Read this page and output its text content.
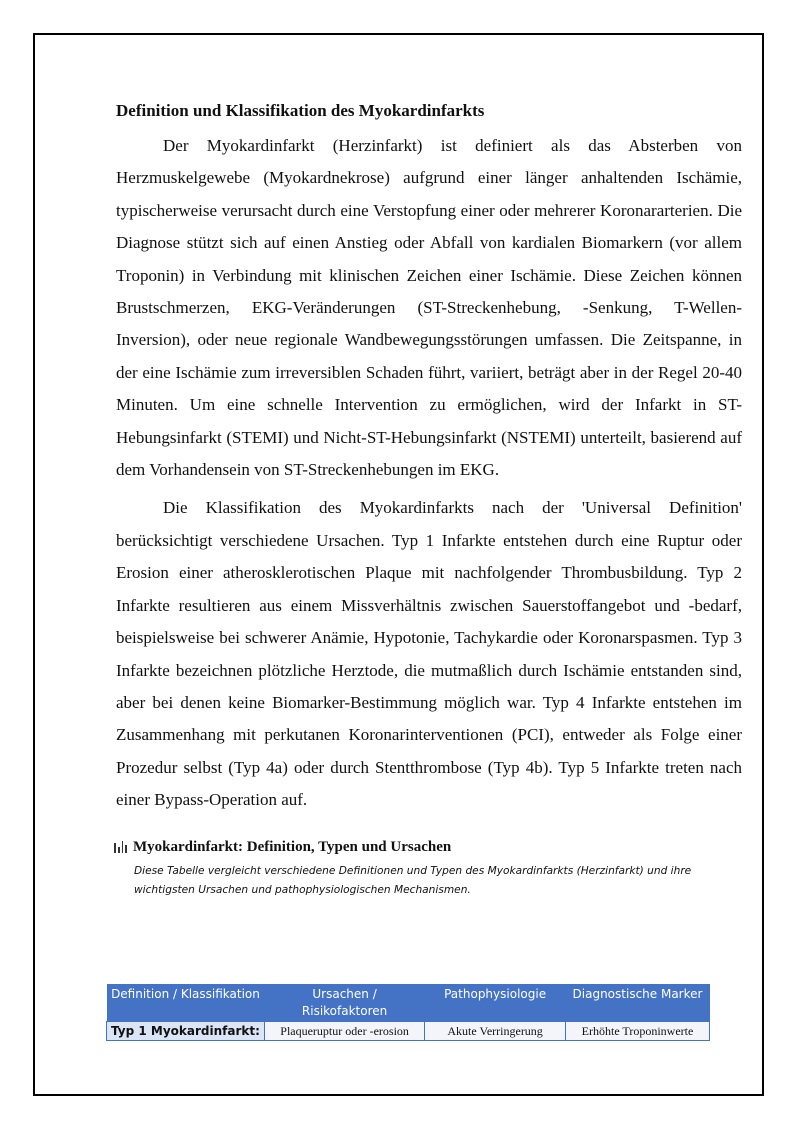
Definition und Klassifikation des Myokardinfarkts

Der Myokardinfarkt (Herzinfarkt) ist definiert als das Absterben von Herzmuskelgewebe (Myokardnekrose) aufgrund einer länger anhaltenden Ischämie, typischerweise verursacht durch eine Verstopfung einer oder mehrerer Koronararterien. Die Diagnose stützt sich auf einen Anstieg oder Abfall von kardialen Biomarkern (vor allem Troponin) in Verbindung mit klinischen Zeichen einer Ischämie. Diese Zeichen können Brustschmerzen, EKG-Veränderungen (ST-Streckenhebung, -Senkung, T-Wellen-Inversion), oder neue regionale Wandbewegungsstörungen umfassen. Die Zeitspanne, in der eine Ischämie zum irreversiblen Schaden führt, variiert, beträgt aber in der Regel 20-40 Minuten. Um eine schnelle Intervention zu ermöglichen, wird der Infarkt in ST-Hebungsinfarkt (STEMI) und Nicht-ST-Hebungsinfarkt (NSTEMI) unterteilt, basierend auf dem Vorhandensein von ST-Streckenhebungen im EKG.

Die Klassifikation des Myokardinfarkts nach der 'Universal Definition' berücksichtigt verschiedene Ursachen. Typ 1 Infarkte entstehen durch eine Ruptur oder Erosion einer atherosklerotischen Plaque mit nachfolgender Thrombusbildung. Typ 2 Infarkte resultieren aus einem Missverhältnis zwischen Sauerstoffangebot und -bedarf, beispielsweise bei schwerer Anämie, Hypotonie, Tachykardie oder Koronarspasmen. Typ 3 Infarkte bezeichnen plötzliche Herztode, die mutmaßlich durch Ischämie entstanden sind, aber bei denen keine Biomarker-Bestimmung möglich war. Typ 4 Infarkte entstehen im Zusammenhang mit perkutanen Koronarinterventionen (PCI), entweder als Folge einer Prozedur selbst (Typ 4a) oder durch Stentthrombose (Typ 4b). Typ 5 Infarkte treten nach einer Bypass-Operation auf.

Myokardinfarkt: Definition, Typen und Ursachen
Diese Tabelle vergleicht verschiedene Definitionen und Typen des Myokardinfarkts (Herzinfarkt) und ihre wichtigsten Ursachen und pathophysiologischen Mechanismen.
Definition / Klassifikation	Ursachen / Risikofaktoren	Pathophysiologie	Diagnostische Marker
Typ 1 Myokardinfarkt:	Plaqueruptur oder -erosion	Akute Verringerung	Erhöhte Troponinwerte
